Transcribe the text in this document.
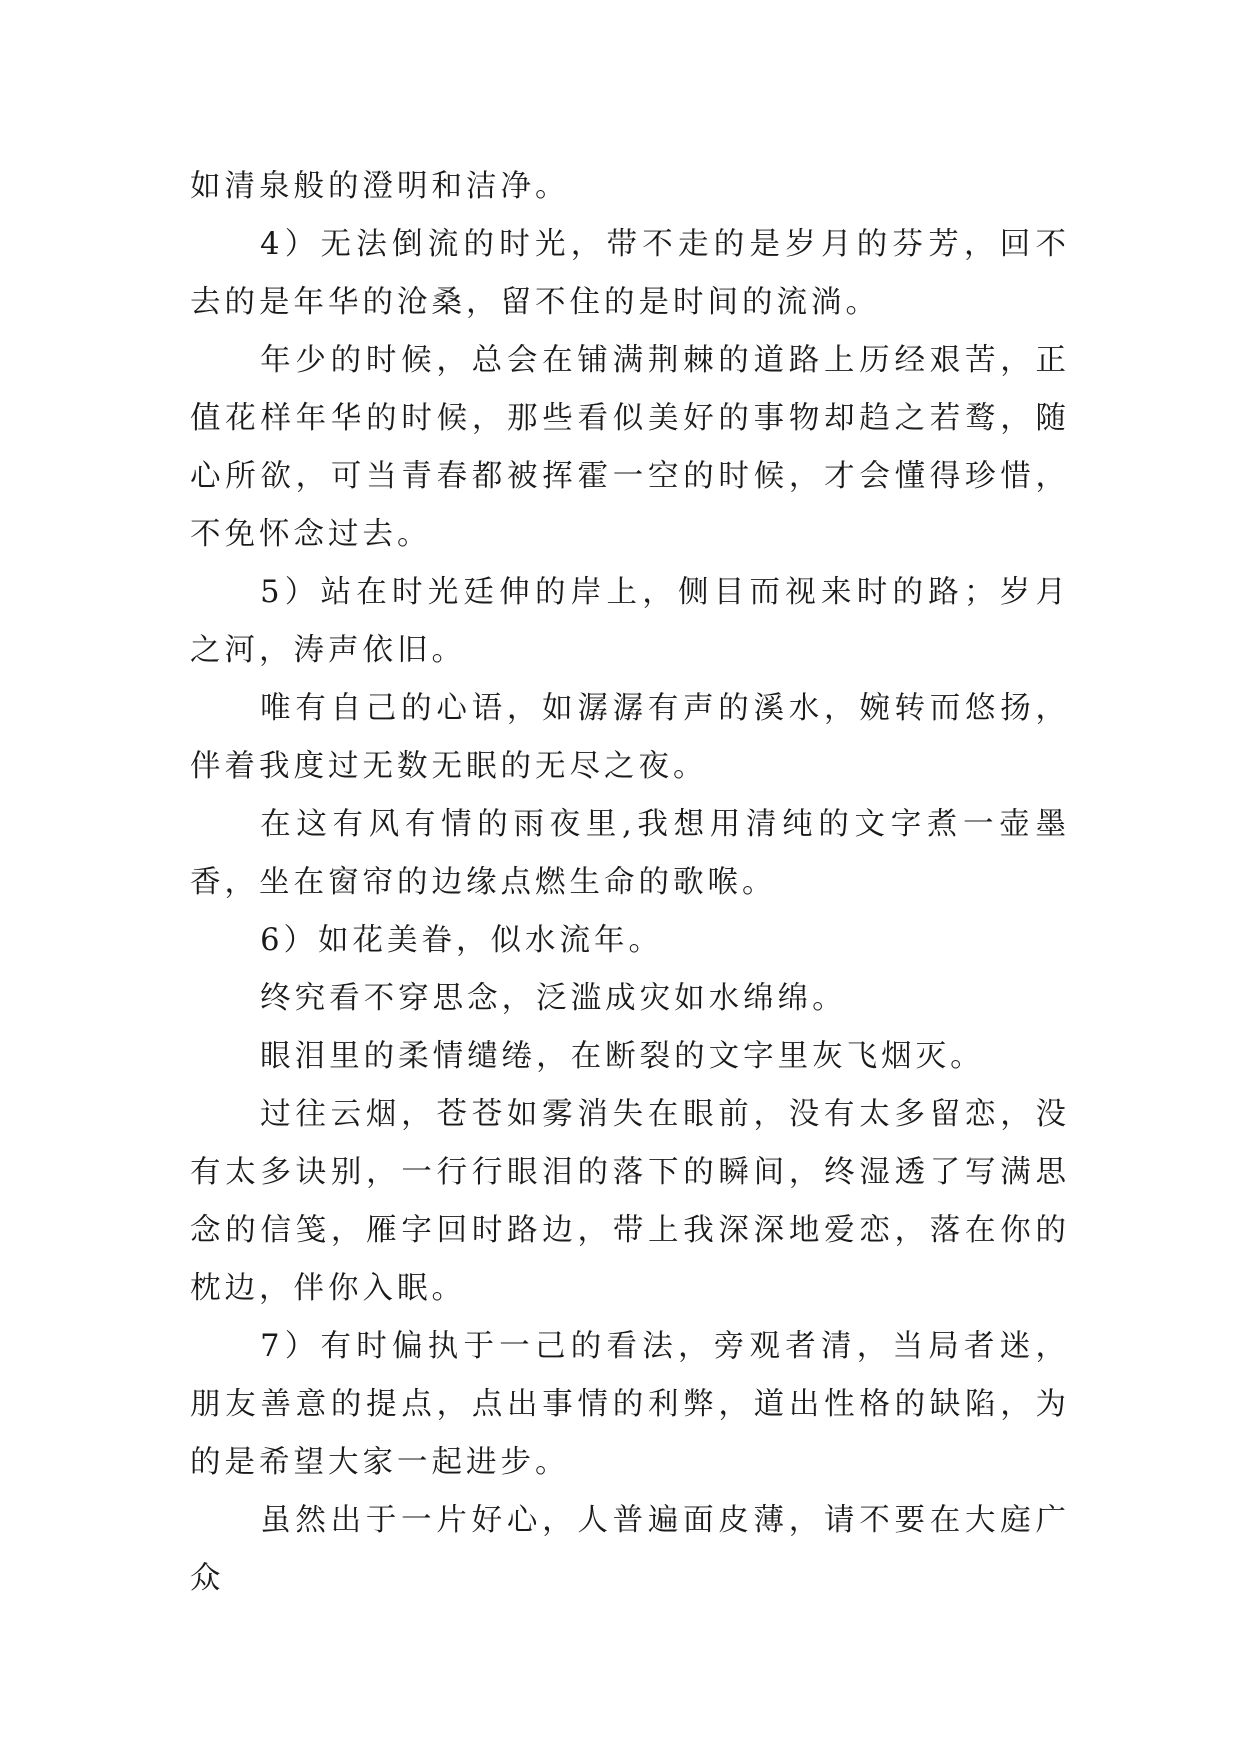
如清泉般的澄明和洁净。

4）无法倒流的时光，带不走的是岁月的芬芳，回不去的是年华的沧桑，留不住的是时间的流淌。

年少的时候，总会在铺满荆棘的道路上历经艰苦，正值花样年华的时候，那些看似美好的事物却趋之若鹜，随心所欲，可当青春都被挥霍一空的时候，才会懂得珍惜，不免怀念过去。

5）站在时光廷伸的岸上，侧目而视来时的路；岁月之河，涛声依旧。

唯有自己的心语，如潺潺有声的溪水，婉转而悠扬，伴着我度过无数无眠的无尽之夜。

在这有风有情的雨夜里,我想用清纯的文字煮一壶墨香，坐在窗帘的边缘点燃生命的歌喉。

6）如花美眷，似水流年。

终究看不穿思念，泛滥成灾如水绵绵。

眼泪里的柔情缱绻，在断裂的文字里灰飞烟灭。

过往云烟，苍苍如雾消失在眼前，没有太多留恋，没有太多诀别，一行行眼泪的落下的瞬间，终湿透了写满思念的信笺，雁字回时路边，带上我深深地爱恋，落在你的枕边，伴你入眠。

7）有时偏执于一己的看法，旁观者清，当局者迷，朋友善意的提点，点出事情的利弊，道出性格的缺陷，为的是希望大家一起进步。

虽然出于一片好心，人普遍面皮薄，请不要在大庭广众
